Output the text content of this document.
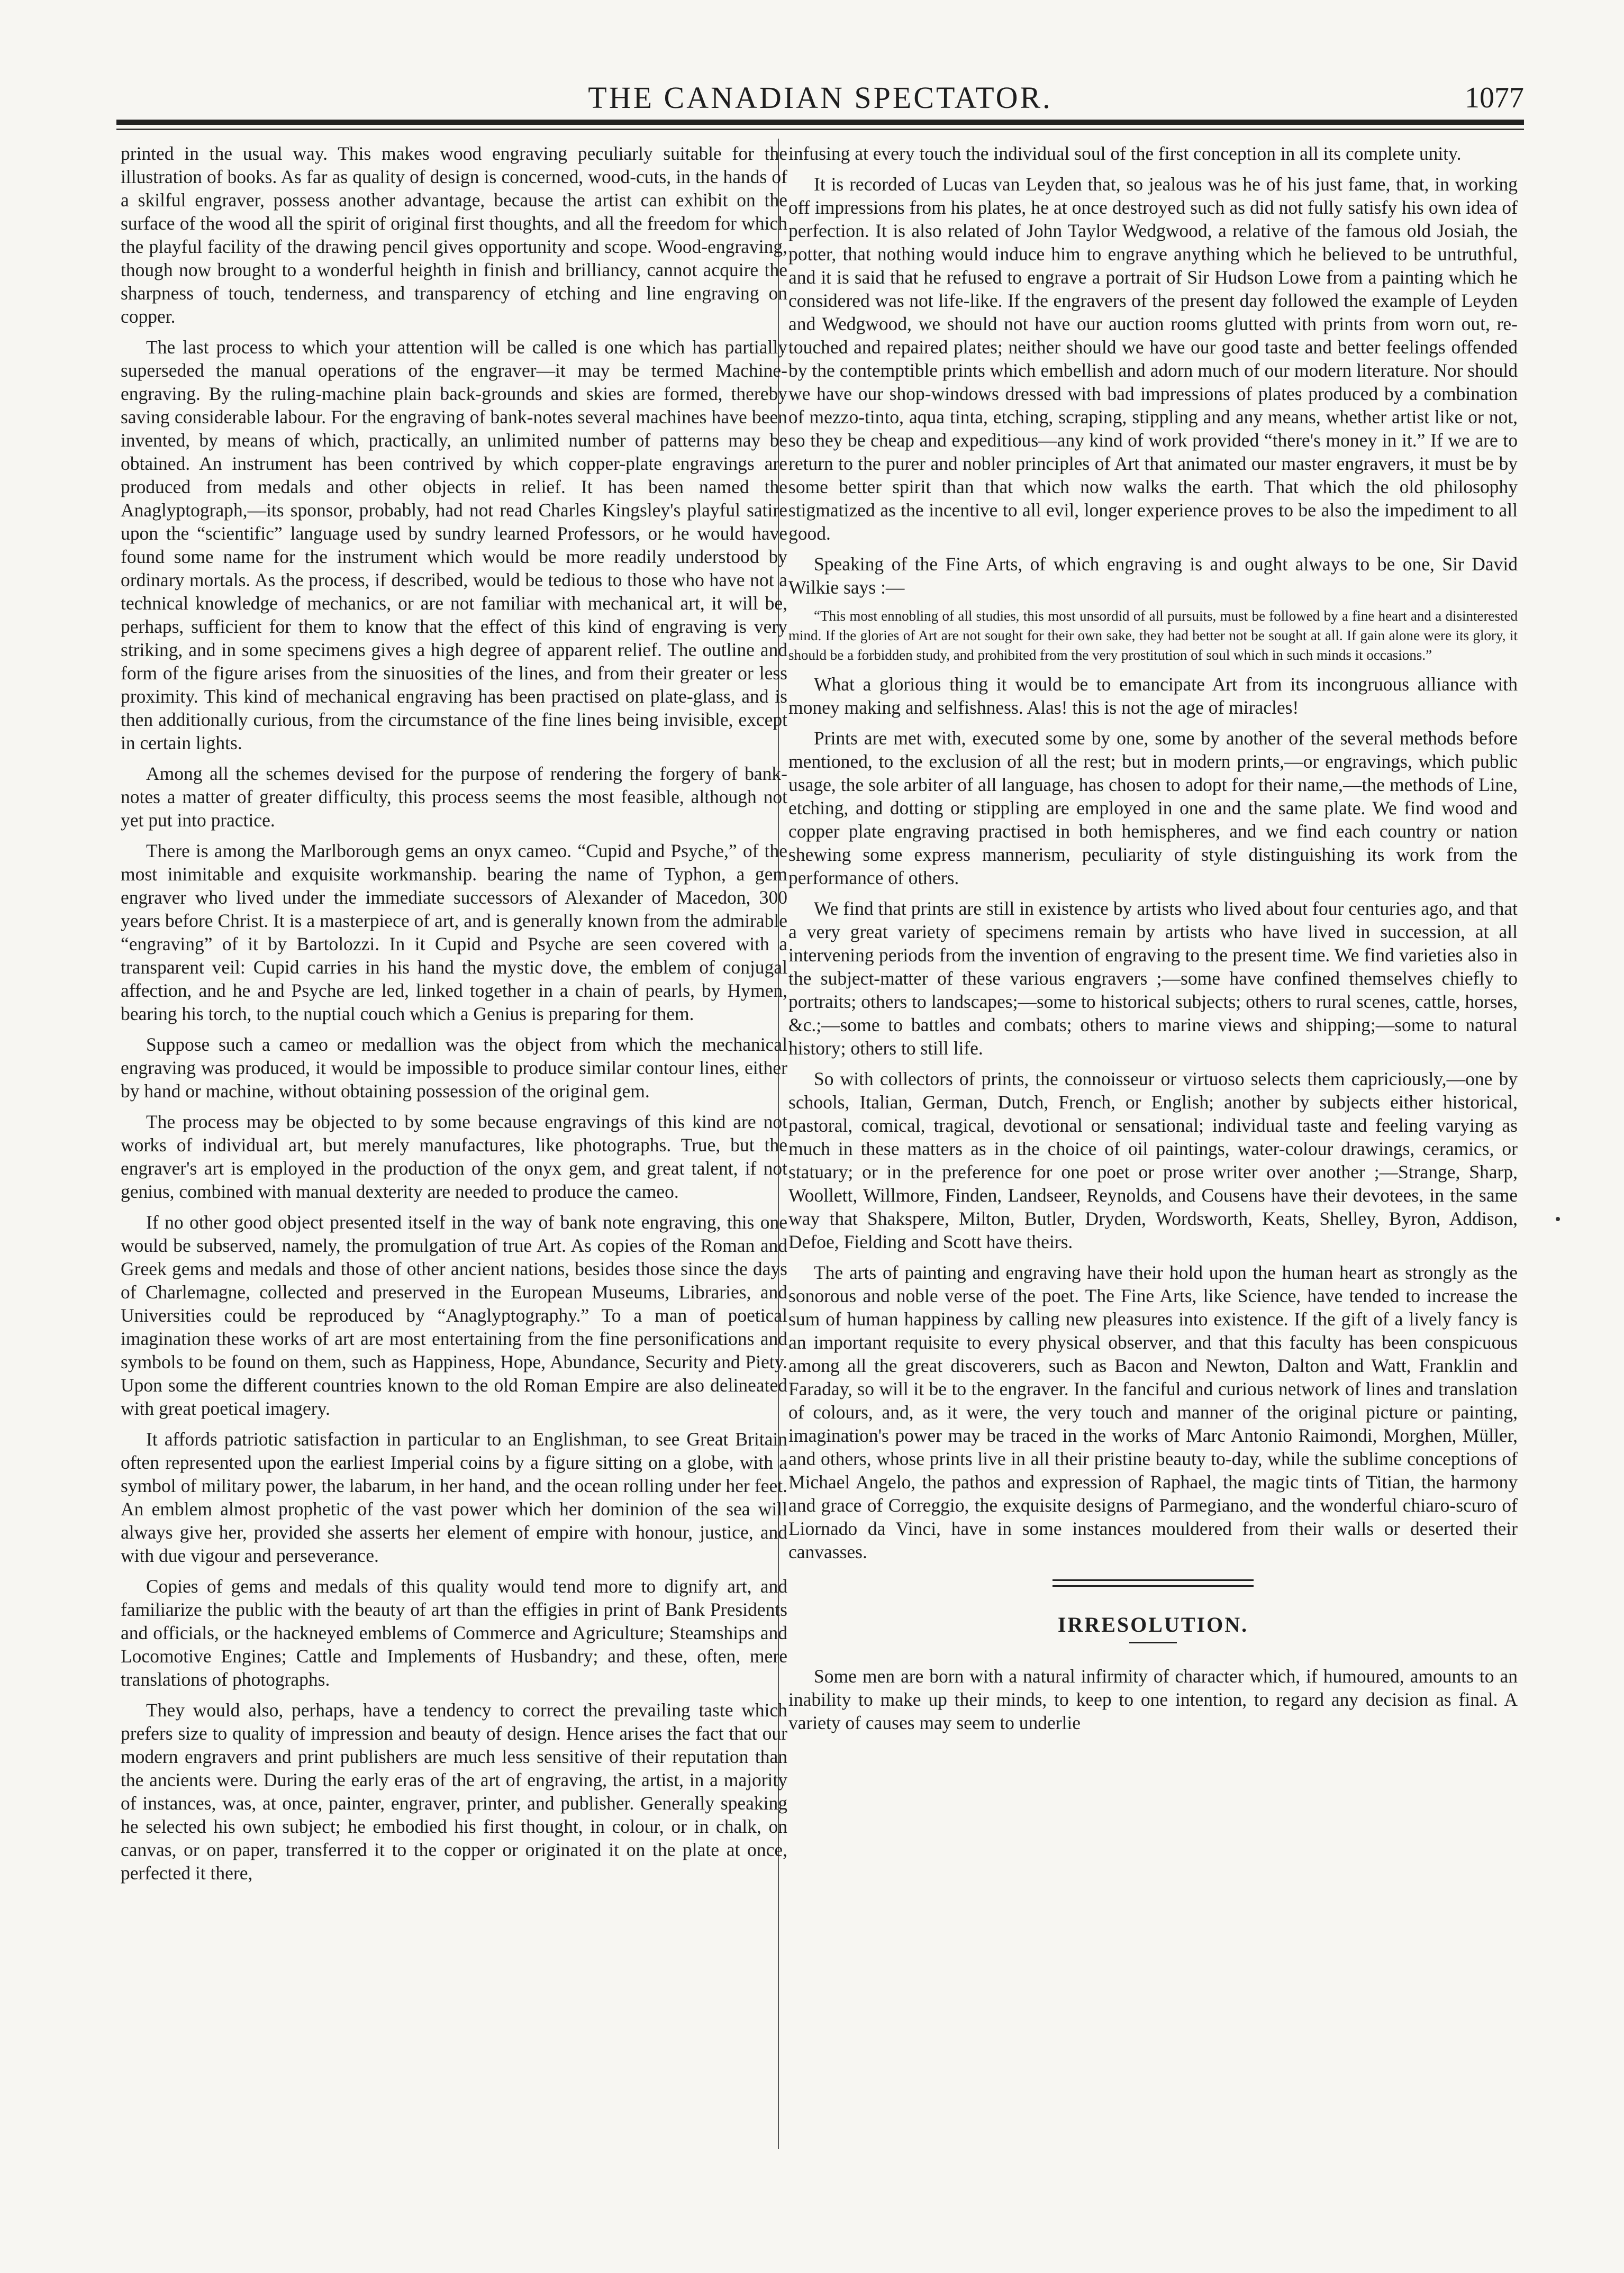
THE CANADIAN SPECTATOR.	1077

printed in the usual way. This makes wood engraving peculiarly suitable for the illustration of books. As far as quality of design is concerned, wood-cuts, in the hands of a skilful engraver, possess another advantage, because the artist can exhibit on the surface of the wood all the spirit of original first thoughts, and all the freedom for which the playful facility of the drawing pencil gives opportunity and scope. Wood-engraving, though now brought to a wonderful heighth in finish and brilliancy, cannot acquire the sharpness of touch, tenderness, and transparency of etching and line engraving on copper.

The last process to which your attention will be called is one which has partially superseded the manual operations of the engraver—it may be termed Machine-engraving. By the ruling-machine plain back-grounds and skies are formed, thereby saving considerable labour. For the engraving of bank-notes several machines have been invented, by means of which, practically, an unlimited number of patterns may be obtained. An instrument has been contrived by which copper-plate engravings are produced from medals and other objects in relief. It has been named the Anaglyptograph,—its sponsor, probably, had not read Charles Kingsley's playful satire upon the “scientific” language used by sundry learned Professors, or he would have found some name for the instrument which would be more readily understood by ordinary mortals. As the process, if described, would be tedious to those who have not a technical knowledge of mechanics, or are not familiar with mechanical art, it will be, perhaps, sufficient for them to know that the effect of this kind of engraving is very striking, and in some specimens gives a high degree of apparent relief. The outline and form of the figure arises from the sinuosities of the lines, and from their greater or less proximity. This kind of mechanical engraving has been practised on plate-glass, and is then additionally curious, from the circumstance of the fine lines being invisible, except in certain lights.

Among all the schemes devised for the purpose of rendering the forgery of bank-notes a matter of greater difficulty, this process seems the most feasible, although not yet put into practice.

There is among the Marlborough gems an onyx cameo. “Cupid and Psyche,” of the most inimitable and exquisite workmanship. bearing the name of Typhon, a gem engraver who lived under the immediate successors of Alexander of Macedon, 300 years before Christ. It is a masterpiece of art, and is generally known from the admirable “engraving” of it by Bartolozzi. In it Cupid and Psyche are seen covered with a transparent veil: Cupid carries in his hand the mystic dove, the emblem of conjugal affection, and he and Psyche are led, linked together in a chain of pearls, by Hymen, bearing his torch, to the nuptial couch which a Genius is preparing for them.

Suppose such a cameo or medallion was the object from which the mechanical engraving was produced, it would be impossible to produce similar contour lines, either by hand or machine, without obtaining possession of the original gem.

The process may be objected to by some because engravings of this kind are not works of individual art, but merely manufactures, like photographs. True, but the engraver's art is employed in the production of the onyx gem, and great talent, if not genius, combined with manual dexterity are needed to produce the cameo.

If no other good object presented itself in the way of bank note engraving, this one would be subserved, namely, the promulgation of true Art. As copies of the Roman and Greek gems and medals and those of other ancient nations, besides those since the days of Charlemagne, collected and preserved in the European Museums, Libraries, and Universities could be reproduced by “Anaglyptography.” To a man of poetical imagination these works of art are most entertaining from the fine personifications and symbols to be found on them, such as Happiness, Hope, Abundance, Security and Piety. Upon some the different countries known to the old Roman Empire are also delineated with great poetical imagery.

It affords patriotic satisfaction in particular to an Englishman, to see Great Britain often represented upon the earliest Imperial coins by a figure sitting on a globe, with a symbol of military power, the labarum, in her hand, and the ocean rolling under her feet. An emblem almost prophetic of the vast power which her dominion of the sea will always give her, provided she asserts her element of empire with honour, justice, and with due vigour and perseverance.

Copies of gems and medals of this quality would tend more to dignify art, and familiarize the public with the beauty of art than the effigies in print of Bank Presidents and officials, or the hackneyed emblems of Commerce and Agriculture; Steamships and Locomotive Engines; Cattle and Implements of Husbandry; and these, often, mere translations of photographs.

They would also, perhaps, have a tendency to correct the prevailing taste which prefers size to quality of impression and beauty of design. Hence arises the fact that our modern engravers and print publishers are much less sensitive of their reputation than the ancients were. During the early eras of the art of engraving, the artist, in a majority of instances, was, at once, painter, engraver, printer, and publisher. Generally speaking he selected his own subject; he embodied his first thought, in colour, or in chalk, on canvas, or on paper, transferred it to the copper or originated it on the plate at once, perfected it there,

infusing at every touch the individual soul of the first conception in all its complete unity.

It is recorded of Lucas van Leyden that, so jealous was he of his just fame, that, in working off impressions from his plates, he at once destroyed such as did not fully satisfy his own idea of perfection. It is also related of John Taylor Wedgwood, a relative of the famous old Josiah, the potter, that nothing would induce him to engrave anything which he believed to be untruthful, and it is said that he refused to engrave a portrait of Sir Hudson Lowe from a painting which he considered was not life-like. If the engravers of the present day followed the example of Leyden and Wedgwood, we should not have our auction rooms glutted with prints from worn out, re-touched and repaired plates; neither should we have our good taste and better feelings offended by the contemptible prints which embellish and adorn much of our modern literature. Nor should we have our shop-windows dressed with bad impressions of plates produced by a combination of mezzo-tinto, aqua tinta, etching, scraping, stippling and any means, whether artist like or not, so they be cheap and expeditious—any kind of work provided “there's money in it.” If we are to return to the purer and nobler principles of Art that animated our master engravers, it must be by some better spirit than that which now walks the earth. That which the old philosophy stigmatized as the incentive to all evil, longer experience proves to be also the impediment to all good.

Speaking of the Fine Arts, of which engraving is and ought always to be one, Sir David Wilkie says :—

“This most ennobling of all studies, this most unsordid of all pursuits, must be followed by a fine heart and a disinterested mind. If the glories of Art are not sought for their own sake, they had better not be sought at all. If gain alone were its glory, it should be a forbidden study, and prohibited from the very prostitution of soul which in such minds it occasions.”

What a glorious thing it would be to emancipate Art from its incongruous alliance with money making and selfishness. Alas! this is not the age of miracles!

Prints are met with, executed some by one, some by another of the several methods before mentioned, to the exclusion of all the rest; but in modern prints,—or engravings, which public usage, the sole arbiter of all language, has chosen to adopt for their name,—the methods of Line, etching, and dotting or stippling are employed in one and the same plate. We find wood and copper plate engraving practised in both hemispheres, and we find each country or nation shewing some express mannerism, peculiarity of style distinguishing its work from the performance of others.

We find that prints are still in existence by artists who lived about four centuries ago, and that a very great variety of specimens remain by artists who have lived in succession, at all intervening periods from the invention of engraving to the present time. We find varieties also in the subject-matter of these various engravers ;—some have confined themselves chiefly to portraits; others to landscapes;—some to historical subjects; others to rural scenes, cattle, horses, &c.;—some to battles and combats; others to marine views and shipping;—some to natural history; others to still life.

So with collectors of prints, the connoisseur or virtuoso selects them capriciously,—one by schools, Italian, German, Dutch, French, or English; another by subjects either historical, pastoral, comical, tragical, devotional or sensational; individual taste and feeling varying as much in these matters as in the choice of oil paintings, water-colour drawings, ceramics, or statuary; or in the preference for one poet or prose writer over another ;—Strange, Sharp, Woollett, Willmore, Finden, Landseer, Reynolds, and Cousens have their devotees, in the same way that Shakspere, Milton, Butler, Dryden, Wordsworth, Keats, Shelley, Byron, Addison, Defoe, Fielding and Scott have theirs.

The arts of painting and engraving have their hold upon the human heart as strongly as the sonorous and noble verse of the poet. The Fine Arts, like Science, have tended to increase the sum of human happiness by calling new pleasures into existence. If the gift of a lively fancy is an important requisite to every physical observer, and that this faculty has been conspicuous among all the great discoverers, such as Bacon and Newton, Dalton and Watt, Franklin and Faraday, so will it be to the engraver. In the fanciful and curious network of lines and translation of colours, and, as it were, the very touch and manner of the original picture or painting, imagination's power may be traced in the works of Marc Antonio Raimondi, Morghen, Müller, and others, whose prints live in all their pristine beauty to-day, while the sublime conceptions of Michael Angelo, the pathos and expression of Raphael, the magic tints of Titian, the harmony and grace of Correggio, the exquisite designs of Parmegiano, and the wonderful chiaro-scuro of Liornado da Vinci, have in some instances mouldered from their walls or deserted their canvasses.

IRRESOLUTION.

Some men are born with a natural infirmity of character which, if humoured, amounts to an inability to make up their minds, to keep to one intention, to regard any decision as final. A variety of causes may seem to underlie
